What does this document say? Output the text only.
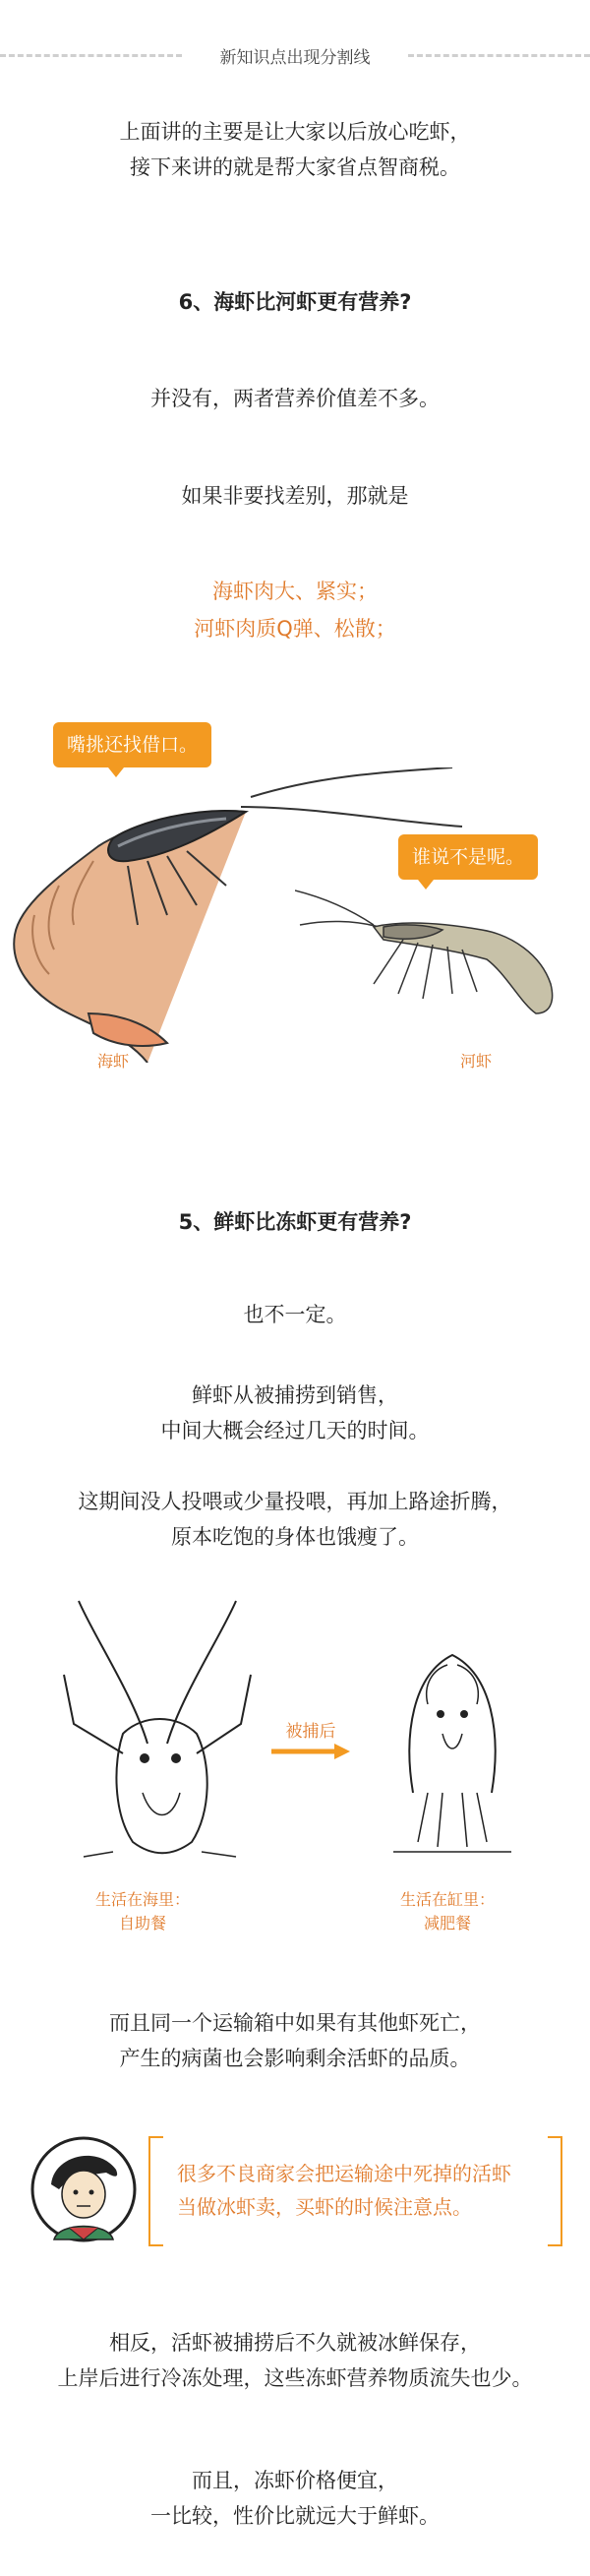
新知识点出现分割线
上面讲的主要是让大家以后放心吃虾，
接下来讲的就是帮大家省点智商税。
6、海虾比河虾更有营养?
并没有，两者营养价值差不多。
如果非要找差别，那就是
海虾肉大、紧实；
河虾肉质Q弹、松散；
嘴挑还找借口。
谁说不是呢。
海虾	河虾
5、鲜虾比冻虾更有营养?
也不一定。
鲜虾从被捕捞到销售，
中间大概会经过几天的时间。
这期间没人投喂或少量投喂，再加上路途折腾，
原本吃饱的身体也饿瘦了。
被捕后
生活在海里：
自助餐
生活在缸里：
减肥餐
而且同一个运输箱中如果有其他虾死亡，
产生的病菌也会影响剩余活虾的品质。
很多不良商家会把运输途中死掉的活虾
当做冰虾卖，买虾的时候注意点。
相反，活虾被捕捞后不久就被冰鲜保存，
上岸后进行冷冻处理，这些冻虾营养物质流失也少。
而且，冻虾价格便宜，
一比较，性价比就远大于鲜虾。
